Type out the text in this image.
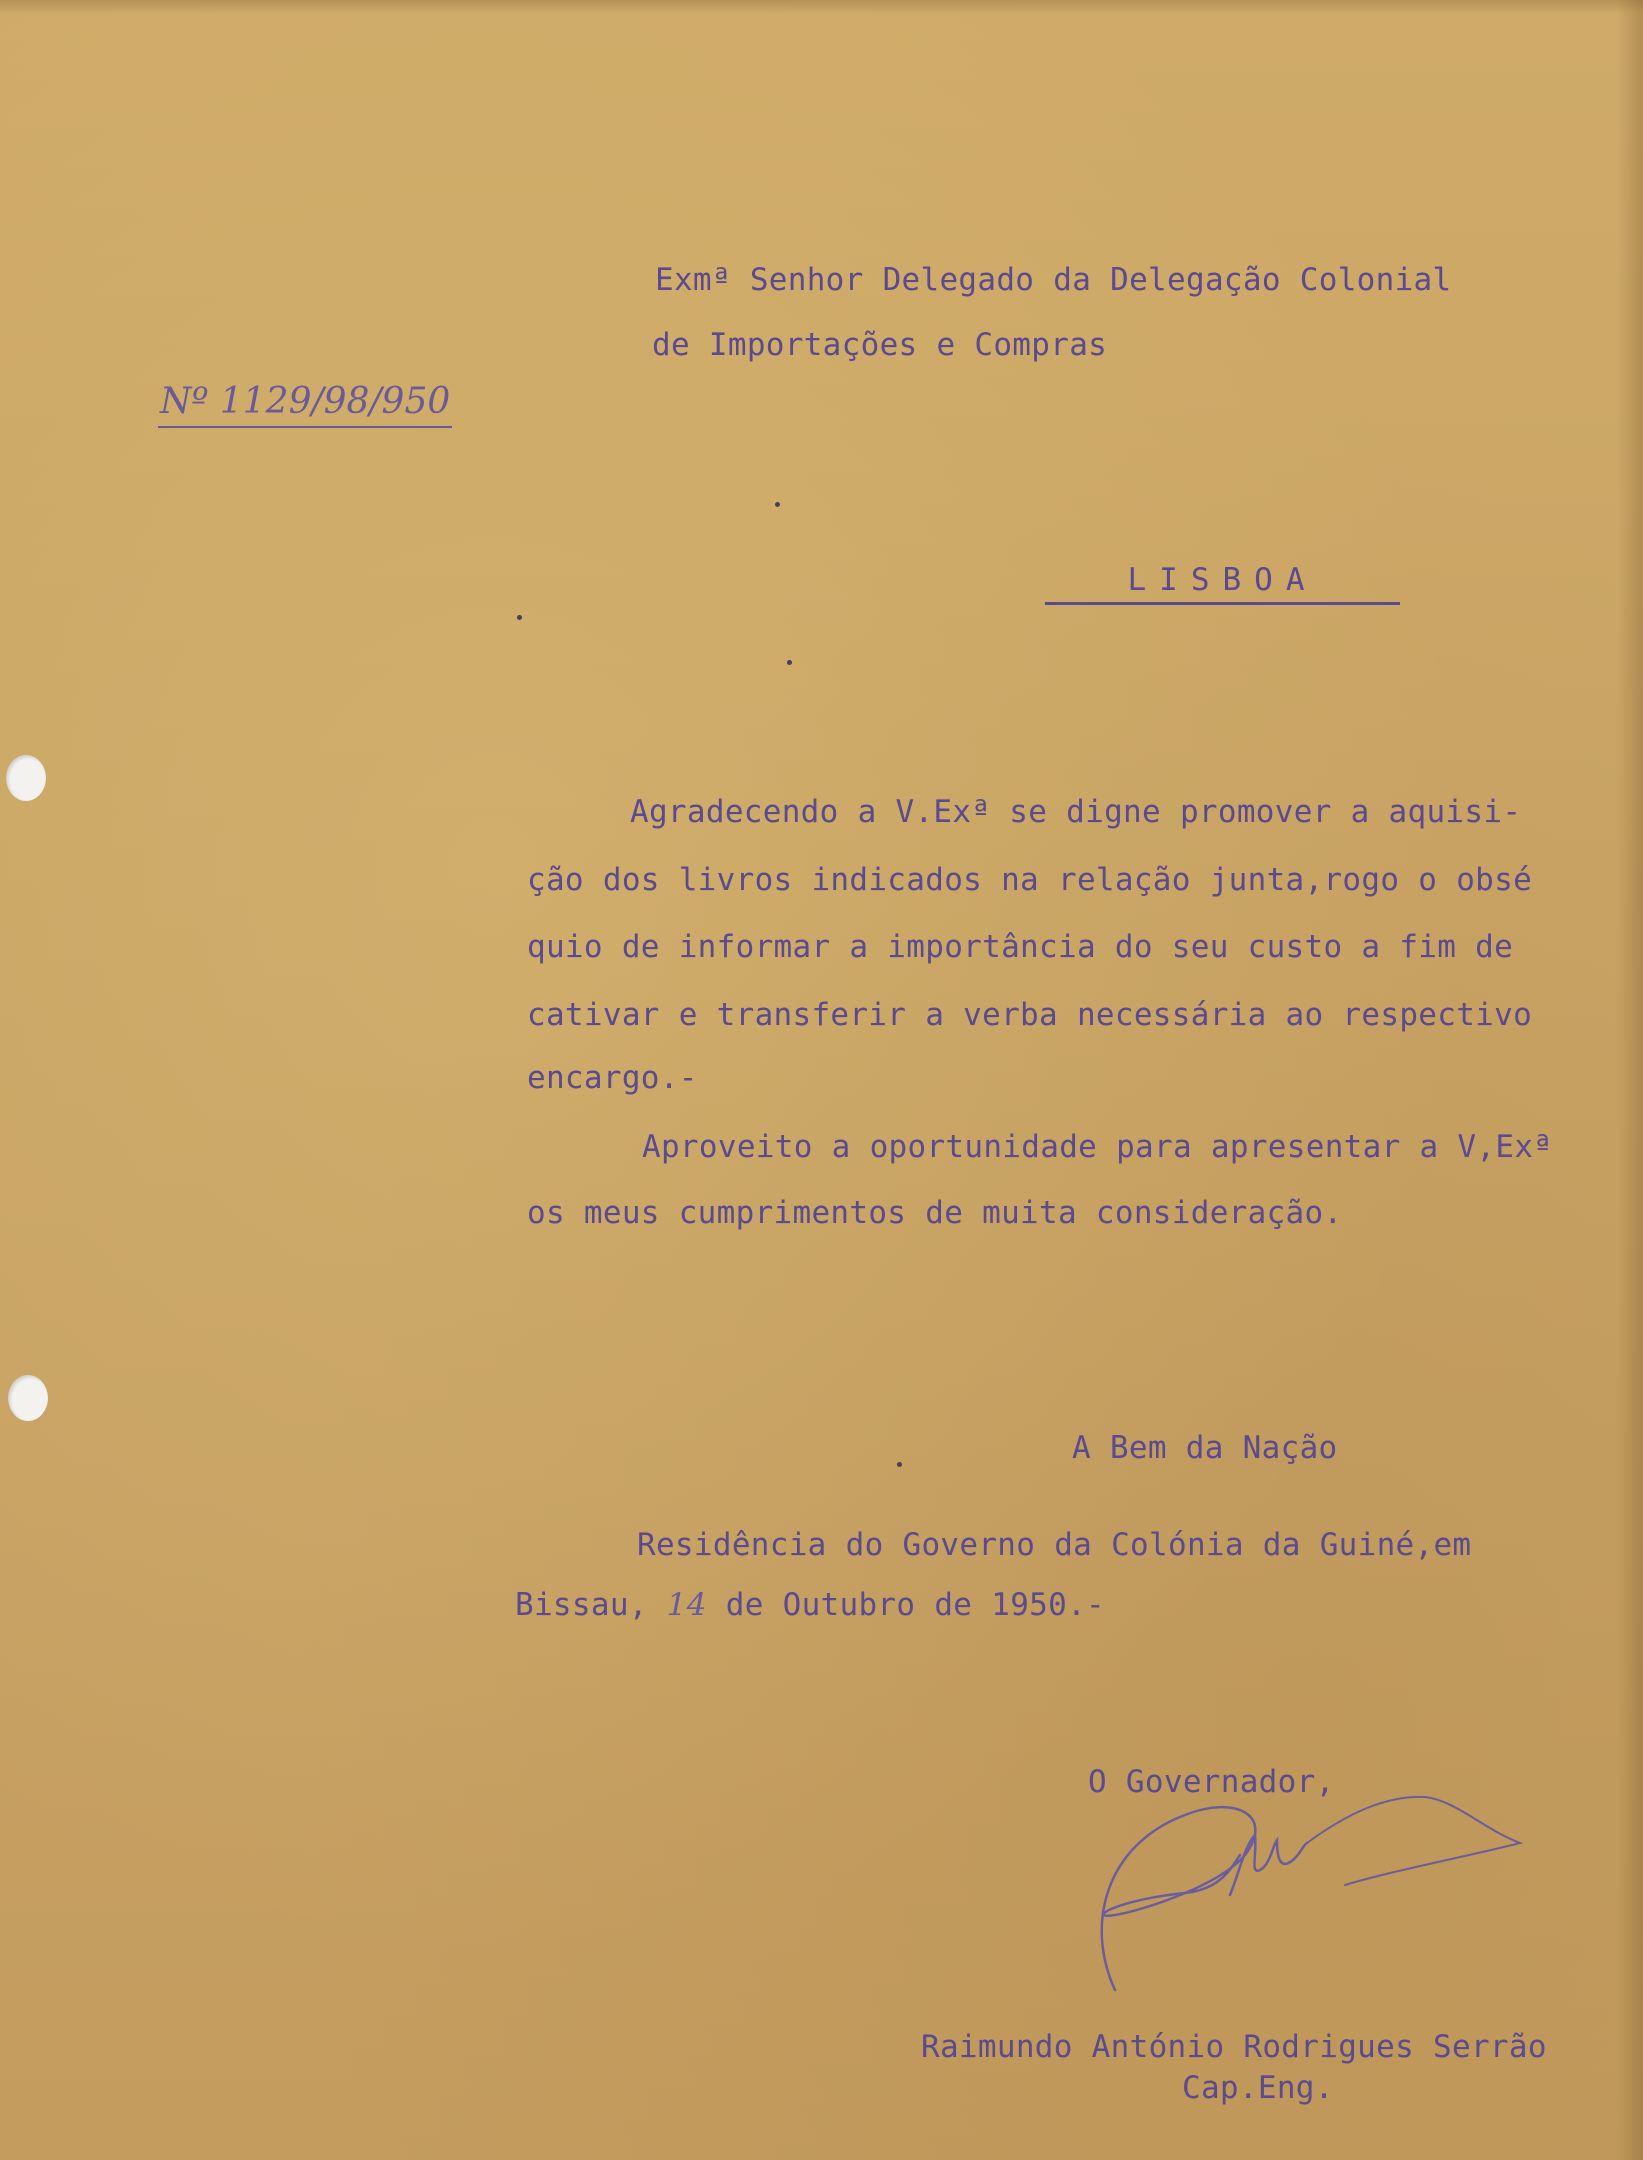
Exmª Senhor Delegado da Delegação Colonial

de Importações e Compras

Nº 1129/98/950

LISBOA

Agradecendo a V.Exª se digne promover a aquisi-

ção dos livros indicados na relação junta,rogo o obsé

quio de informar a importância do seu custo a fim de

cativar e transferir a verba necessária ao respectivo

encargo.-

Aproveito a oportunidade para apresentar a V,Exª

os meus cumprimentos de muita consideração.

A Bem da Nação

Residência do Governo da Colónia da Guiné,em

Bissau, 14 de Outubro de 1950.-

O Governador,

Raimundo António Rodrigues Serrão

Cap.Eng.
